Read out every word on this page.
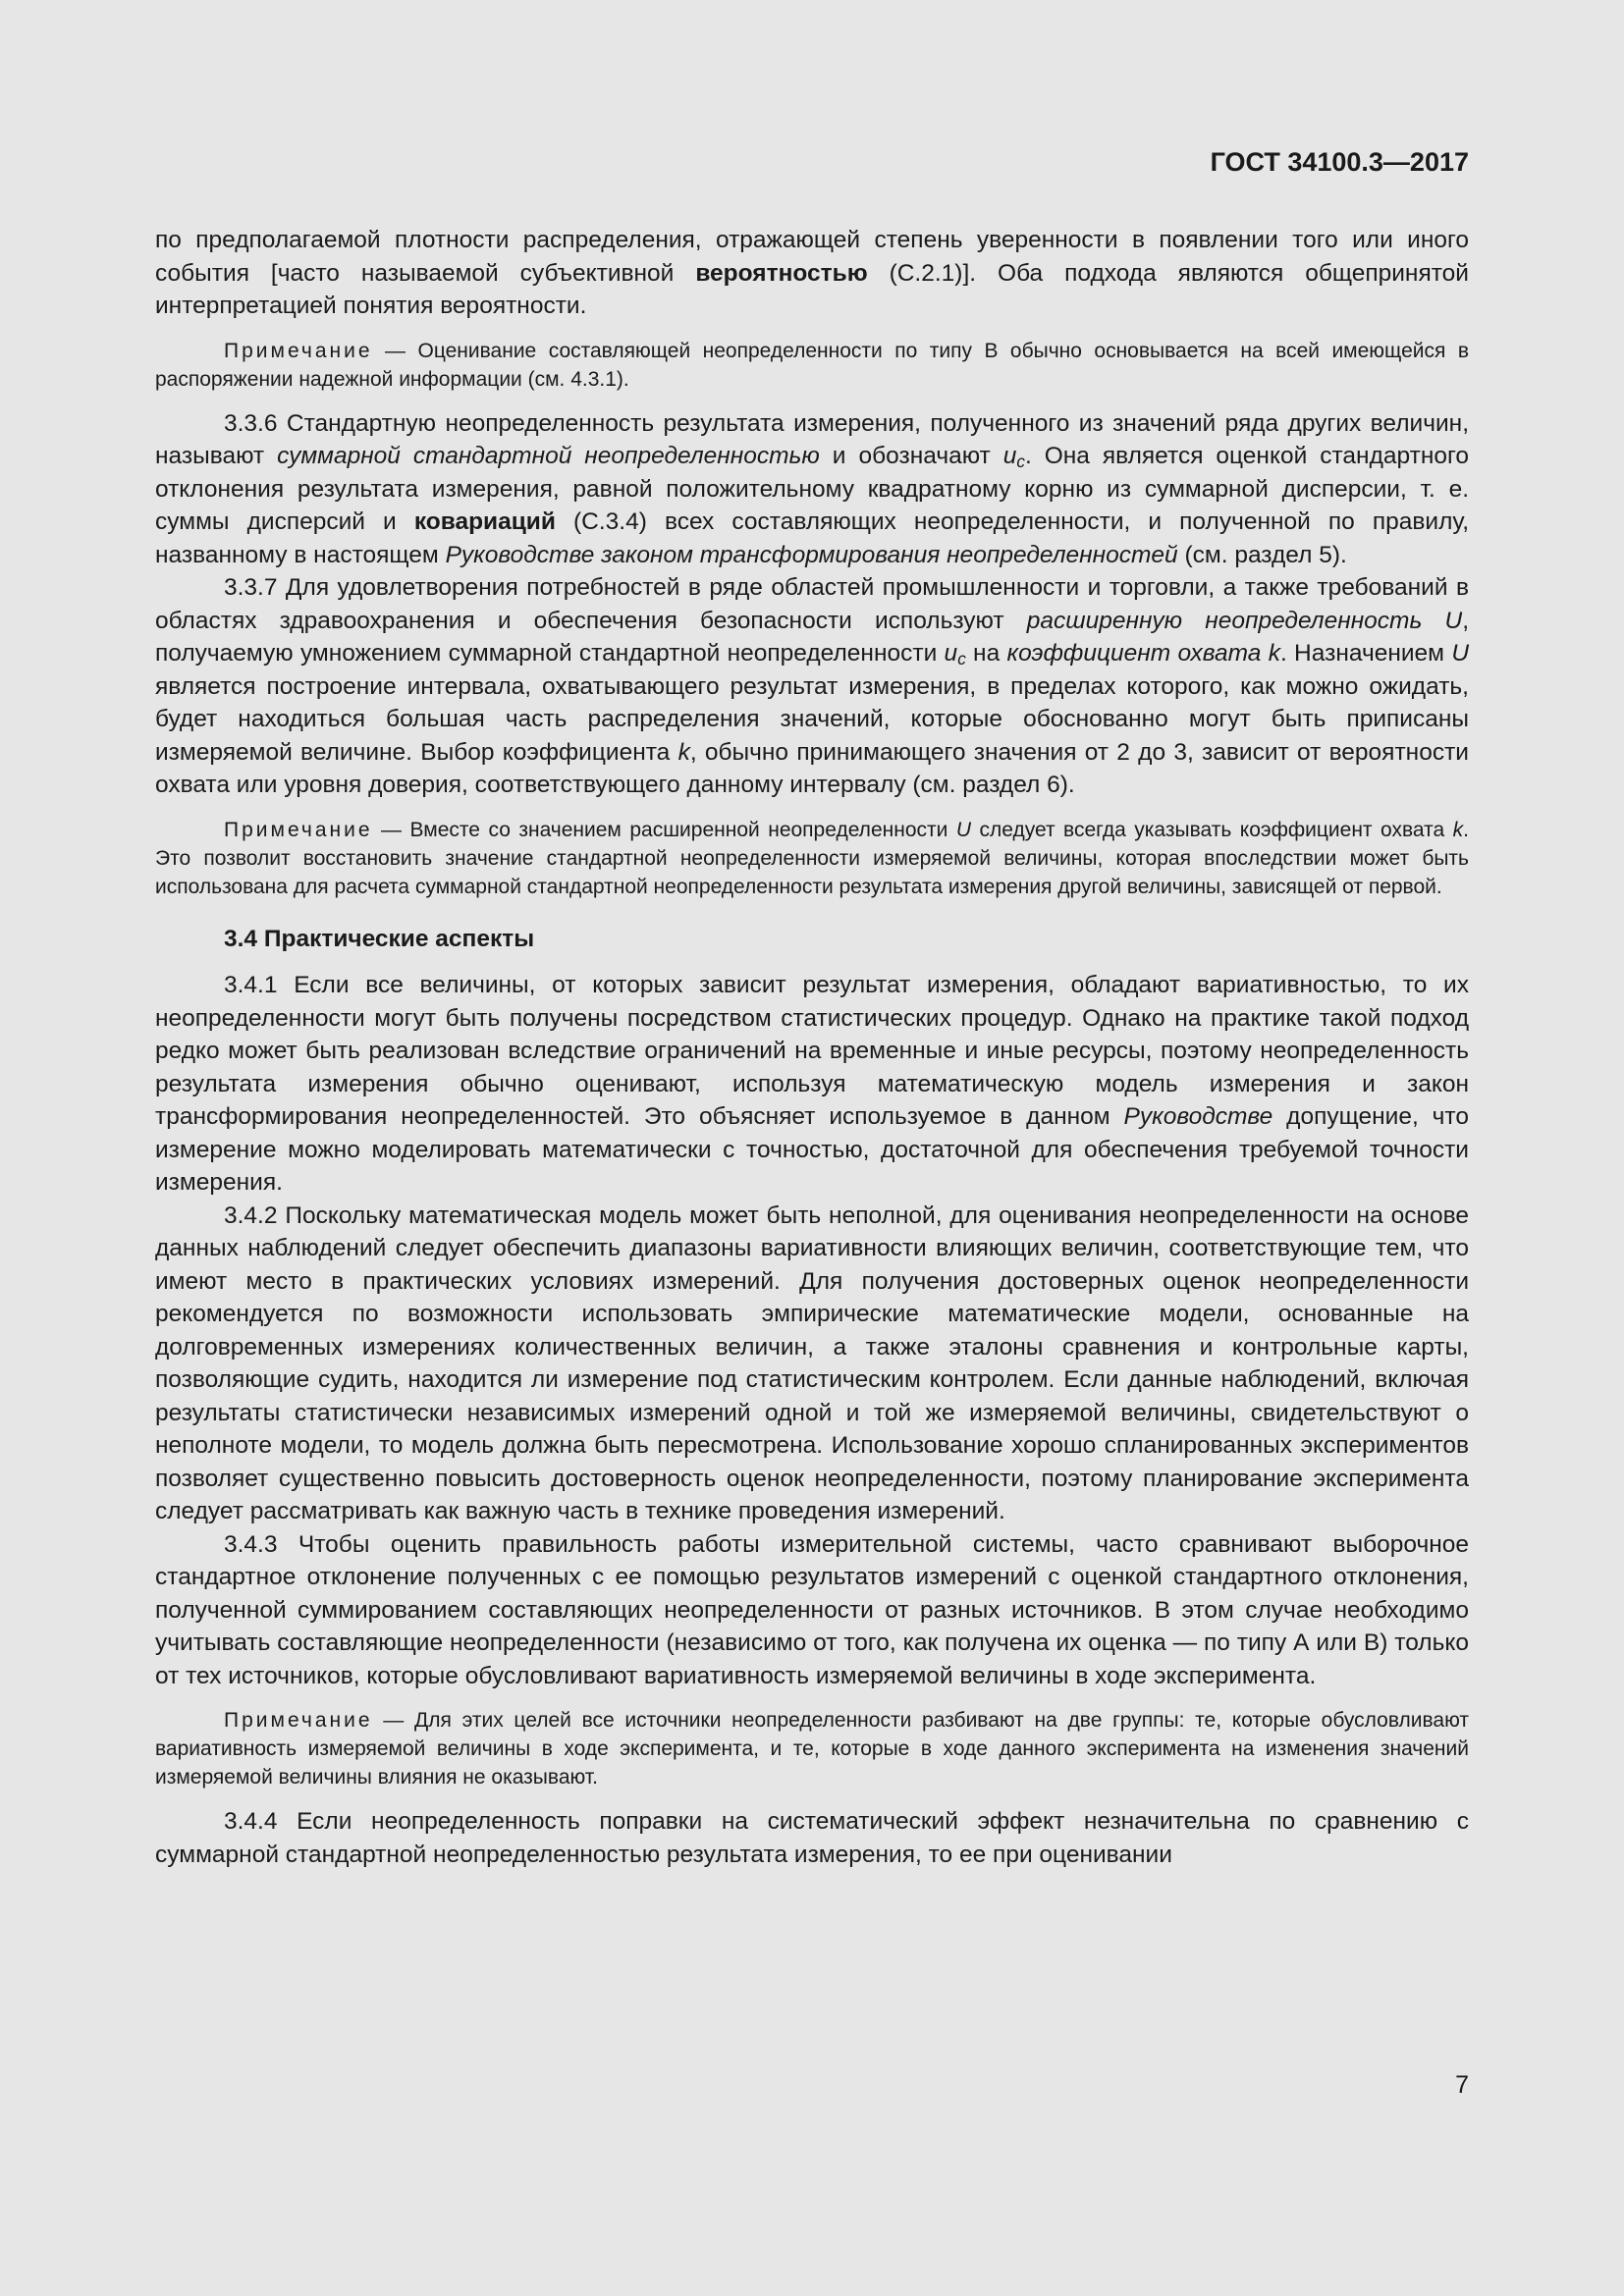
ГОСТ 34100.3—2017

по предполагаемой плотности распределения, отражающей степень уверенности в появлении того или иного события [часто называемой субъективной вероятностью (С.2.1)]. Оба подхода являются общепринятой интерпретацией понятия вероятности.

Примечание — Оценивание составляющей неопределенности по типу В обычно основывается на всей имеющейся в распоряжении надежной информации (см. 4.3.1).

3.3.6 Стандартную неопределенность результата измерения, полученного из значений ряда других величин, называют суммарной стандартной неопределенностью и обозначают $u_c$. Она является оценкой стандартного отклонения результата измерения, равной положительному квадратному корню из суммарной дисперсии, т. е. суммы дисперсий и ковариаций (С.3.4) всех составляющих неопределенности, и полученной по правилу, названному в настоящем Руководстве законом трансформирования неопределенностей (см. раздел 5).

3.3.7 Для удовлетворения потребностей в ряде областей промышленности и торговли, а также требований в областях здравоохранения и обеспечения безопасности используют расширенную неопределенность U, получаемую умножением суммарной стандартной неопределенности $u_c$ на коэффициент охвата k. Назначением U является построение интервала, охватывающего результат измерения, в пределах которого, как можно ожидать, будет находиться большая часть распределения значений, которые обоснованно могут быть приписаны измеряемой величине. Выбор коэффициента k, обычно принимающего значения от 2 до 3, зависит от вероятности охвата или уровня доверия, соответствующего данному интервалу (см. раздел 6).

Примечание — Вместе со значением расширенной неопределенности U следует всегда указывать коэффициент охвата k. Это позволит восстановить значение стандартной неопределенности измеряемой величины, которая впоследствии может быть использована для расчета суммарной стандартной неопределенности результата измерения другой величины, зависящей от первой.

3.4 Практические аспекты

3.4.1 Если все величины, от которых зависит результат измерения, обладают вариативностью, то их неопределенности могут быть получены посредством статистических процедур. Однако на практике такой подход редко может быть реализован вследствие ограничений на временные и иные ресурсы, поэтому неопределенность результата измерения обычно оценивают, используя математическую модель измерения и закон трансформирования неопределенностей. Это объясняет используемое в данном Руководстве допущение, что измерение можно моделировать математически с точностью, достаточной для обеспечения требуемой точности измерения.

3.4.2 Поскольку математическая модель может быть неполной, для оценивания неопределенности на основе данных наблюдений следует обеспечить диапазоны вариативности влияющих величин, соответствующие тем, что имеют место в практических условиях измерений. Для получения достоверных оценок неопределенности рекомендуется по возможности использовать эмпирические математические модели, основанные на долговременных измерениях количественных величин, а также эталоны сравнения и контрольные карты, позволяющие судить, находится ли измерение под статистическим контролем. Если данные наблюдений, включая результаты статистически независимых измерений одной и той же измеряемой величины, свидетельствуют о неполноте модели, то модель должна быть пересмотрена. Использование хорошо спланированных экспериментов позволяет существенно повысить достоверность оценок неопределенности, поэтому планирование эксперимента следует рассматривать как важную часть в технике проведения измерений.

3.4.3 Чтобы оценить правильность работы измерительной системы, часто сравнивают выборочное стандартное отклонение полученных с ее помощью результатов измерений с оценкой стандартного отклонения, полученной суммированием составляющих неопределенности от разных источников. В этом случае необходимо учитывать составляющие неопределенности (независимо от того, как получена их оценка — по типу А или В) только от тех источников, которые обусловливают вариативность измеряемой величины в ходе эксперимента.

Примечание — Для этих целей все источники неопределенности разбивают на две группы: те, которые обусловливают вариативность измеряемой величины в ходе эксперимента, и те, которые в ходе данного эксперимента на изменения значений измеряемой величины влияния не оказывают.

3.4.4 Если неопределенность поправки на систематический эффект незначительна по сравнению с суммарной стандартной неопределенностью результата измерения, то ее при оценивании

7
